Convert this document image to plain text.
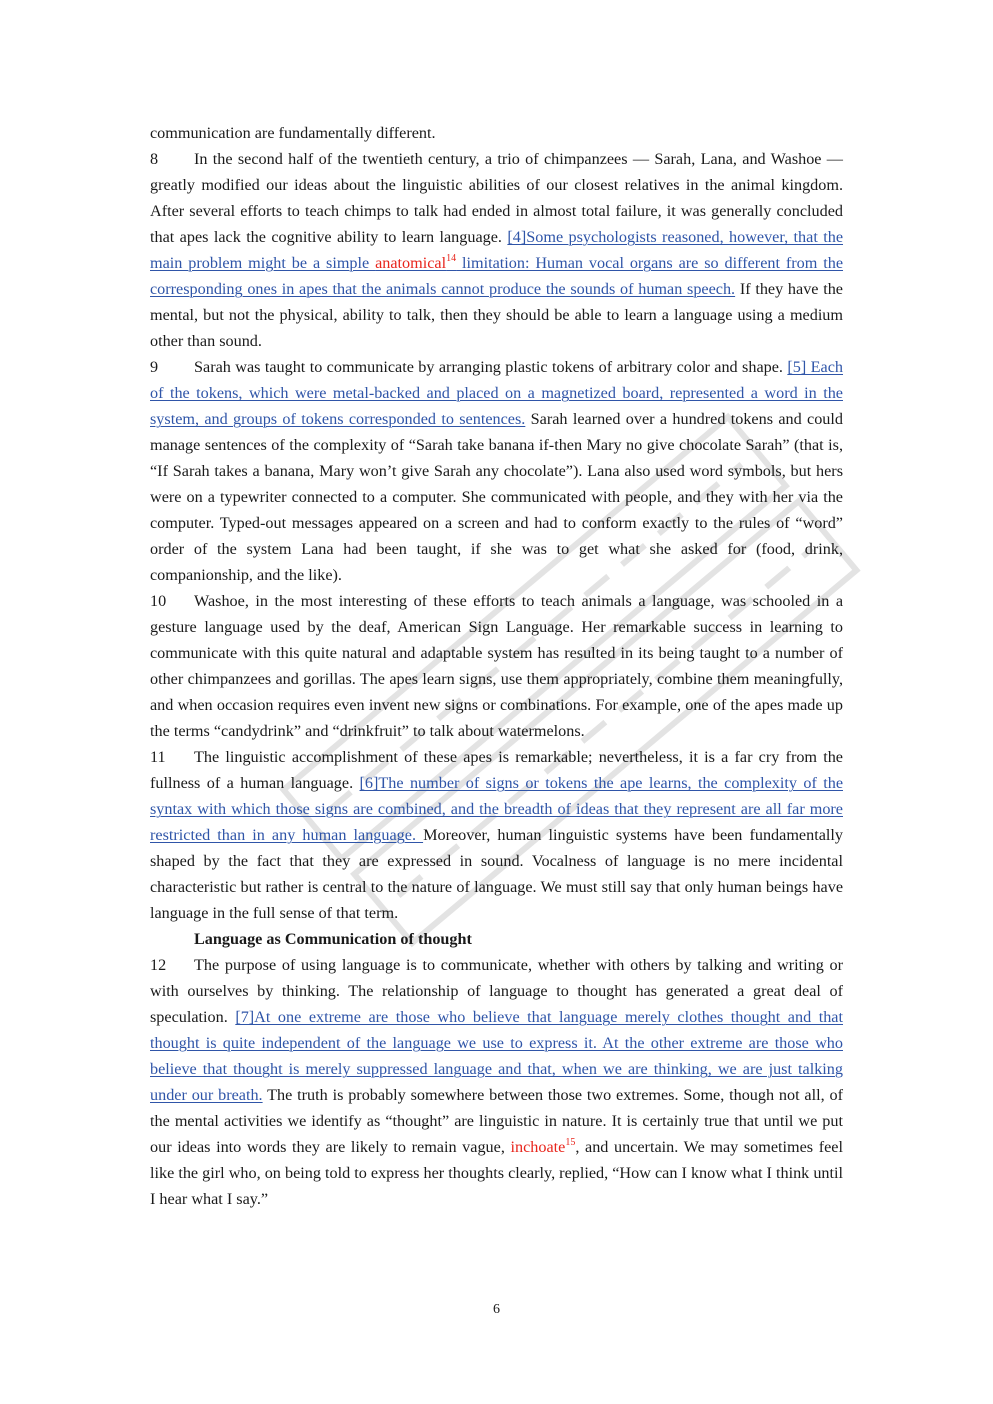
communication are fundamentally different.

8 In the second half of the twentieth century, a trio of chimpanzees — Sarah, Lana, and Washoe — greatly modified our ideas about the linguistic abilities of our closest relatives in the animal kingdom. After several efforts to teach chimps to talk had ended in almost total failure, it was generally concluded that apes lack the cognitive ability to learn language. [4]Some psychologists reasoned, however, that the main problem might be a simple anatomical$^{14}$ limitation: Human vocal organs are so different from the corresponding ones in apes that the animals cannot produce the sounds of human speech. If they have the mental, but not the physical, ability to talk, then they should be able to learn a language using a medium other than sound.

9 Sarah was taught to communicate by arranging plastic tokens of arbitrary color and shape. [5] Each of the tokens, which were metal-backed and placed on a magnetized board, represented a word in the system, and groups of tokens corresponded to sentences. Sarah learned over a hundred tokens and could manage sentences of the complexity of “Sarah take banana if-then Mary no give chocolate Sarah” (that is, “If Sarah takes a banana, Mary won’t give Sarah any chocolate”). Lana also used word symbols, but hers were on a typewriter connected to a computer. She communicated with people, and they with her via the computer. Typed-out messages appeared on a screen and had to conform exactly to the rules of “word” order of the system Lana had been taught, if she was to get what she asked for (food, drink, companionship, and the like).

10 Washoe, in the most interesting of these efforts to teach animals a language, was schooled in a gesture language used by the deaf, American Sign Language. Her remarkable success in learning to communicate with this quite natural and adaptable system has resulted in its being taught to a number of other chimpanzees and gorillas. The apes learn signs, use them appropriately, combine them meaningfully, and when occasion requires even invent new signs or combinations. For example, one of the apes made up the terms “candydrink” and “drinkfruit” to talk about watermelons.

11 The linguistic accomplishment of these apes is remarkable; nevertheless, it is a far cry from the fullness of a human language. [6]The number of signs or tokens the ape learns, the complexity of the syntax with which those signs are combined, and the breadth of ideas that they represent are all far more restricted than in any human language. Moreover, human linguistic systems have been fundamentally shaped by the fact that they are expressed in sound. Vocalness of language is no mere incidental characteristic but rather is central to the nature of language. We must still say that only human beings have language in the full sense of that term.

Language as Communication of thought

12 The purpose of using language is to communicate, whether with others by talking and writing or with ourselves by thinking. The relationship of language to thought has generated a great deal of speculation. [7]At one extreme are those who believe that language merely clothes thought and that thought is quite independent of the language we use to express it. At the other extreme are those who believe that thought is merely suppressed language and that, when we are thinking, we are just talking under our breath. The truth is probably somewhere between those two extremes. Some, though not all, of the mental activities we identify as “thought” are linguistic in nature. It is certainly true that until we put our ideas into words they are likely to remain vague, inchoate$^{15}$, and uncertain. We may sometimes feel like the girl who, on being told to express her thoughts clearly, replied, “How can I know what I think until I hear what I say.”

6
